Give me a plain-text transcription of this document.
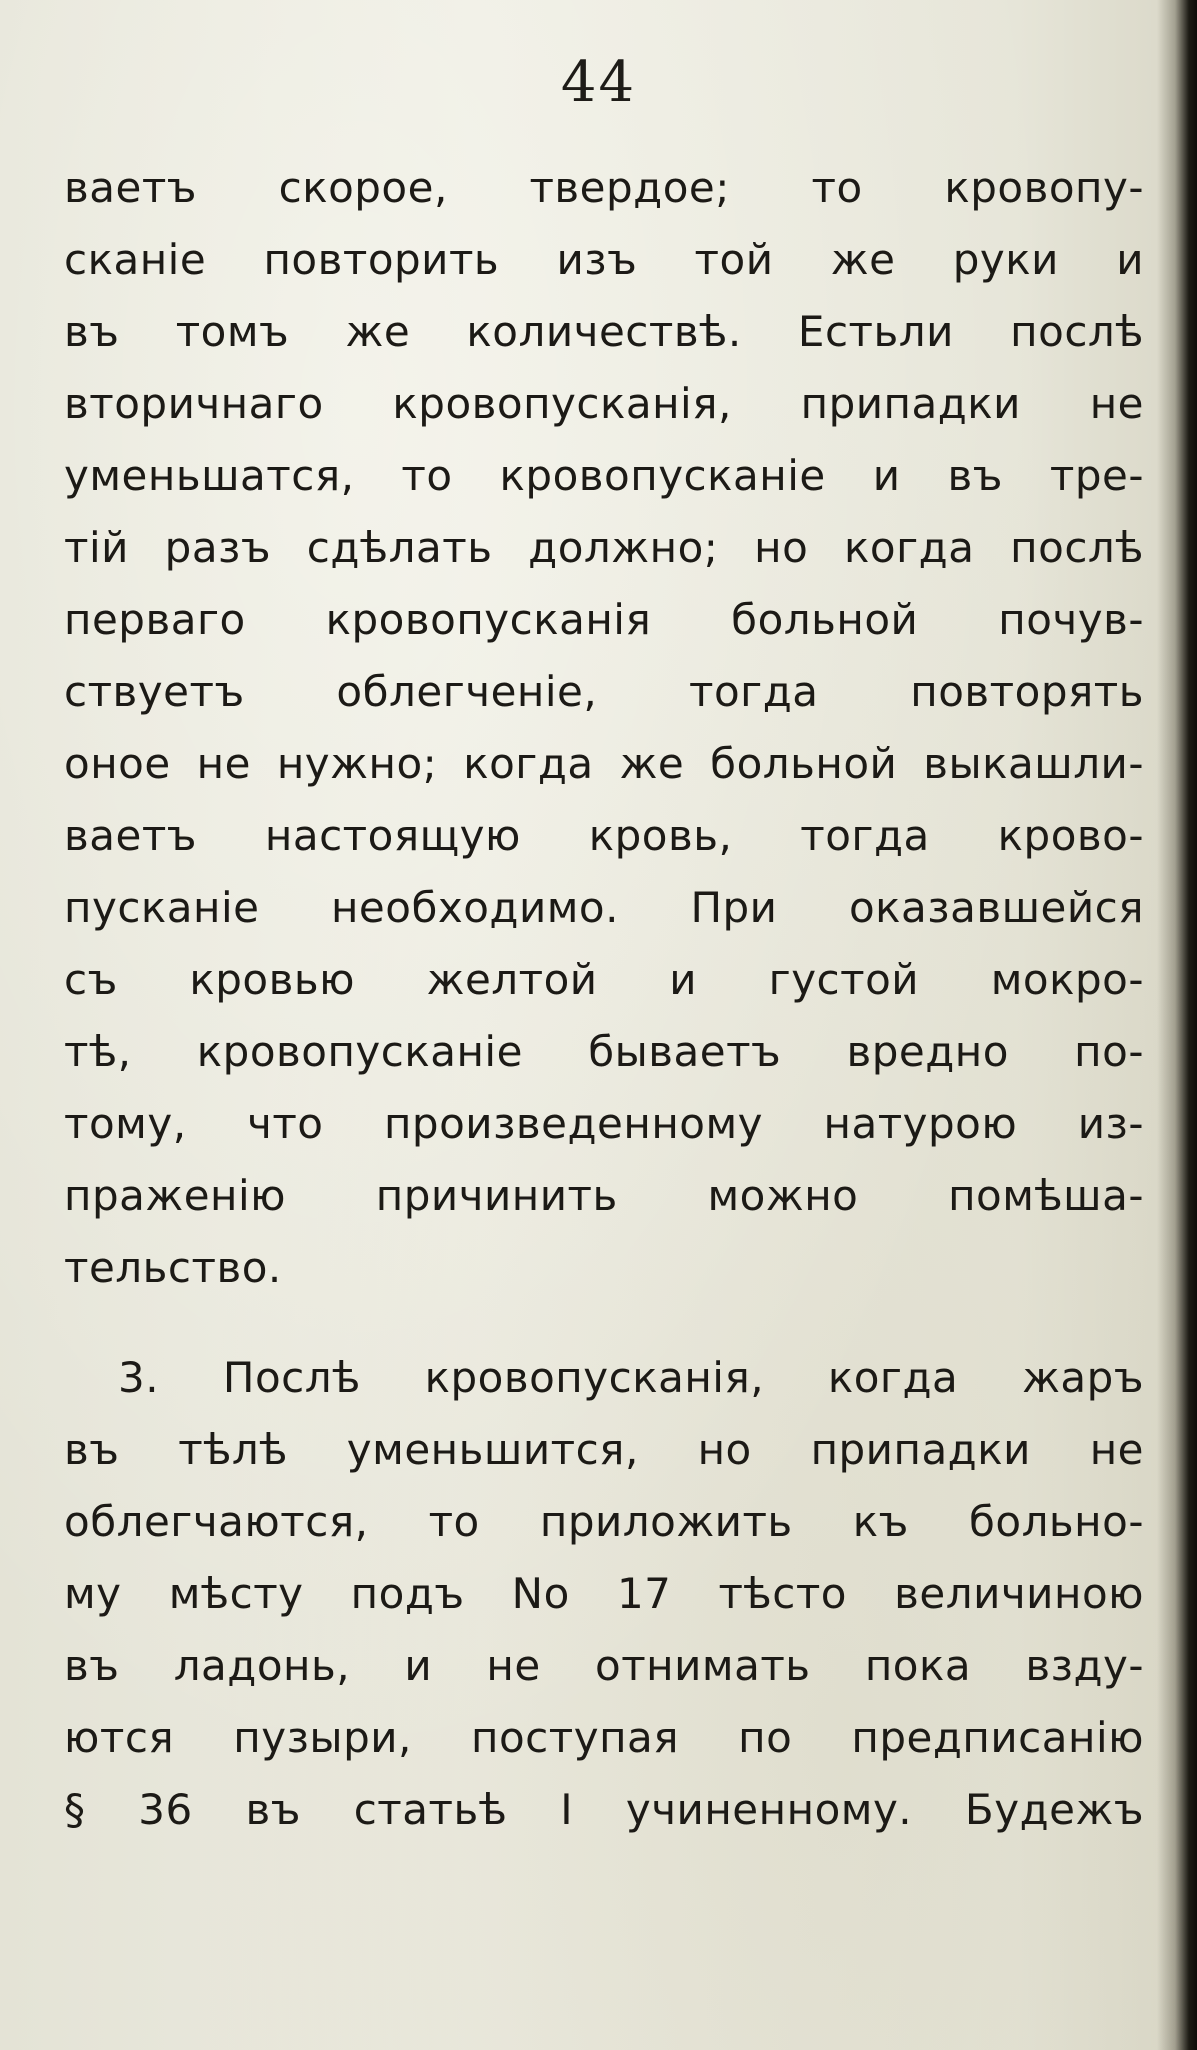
44
ваетъ скорое, твердое; то кровопу-
сканіе повторить изъ той же руки и
въ томъ же количествѣ. Естьли послѣ
вторичнаго кровопусканія, припадки не
уменьшатся, то кровопусканіе и въ тре-
тій разъ сдѣлать должно; но когда послѣ
перваго кровопусканія больной почув-
ствуетъ облегченіе, тогда повторять
оное не нужно; когда же больной выкашли-
ваетъ настоящую кровь, тогда крово-
пусканіе необходимо. При оказавшейся
съ кровью желтой и густой мокро-
тѣ, кровопусканіе бываетъ вредно по-
тому, что произведенному натурою из-
праженію причинить можно помѣша-
тельство.
3. Послѣ кровопусканія, когда жаръ
въ тѣлѣ уменьшится, но припадки не
облегчаются, то приложить къ больно-
му мѣсту подъ No 17 тѣсто величиною
въ ладонь, и не отнимать пока взду-
ются пузыри, поступая по предписанію
§ 36 въ статьѣ I учиненному. Будежъ
